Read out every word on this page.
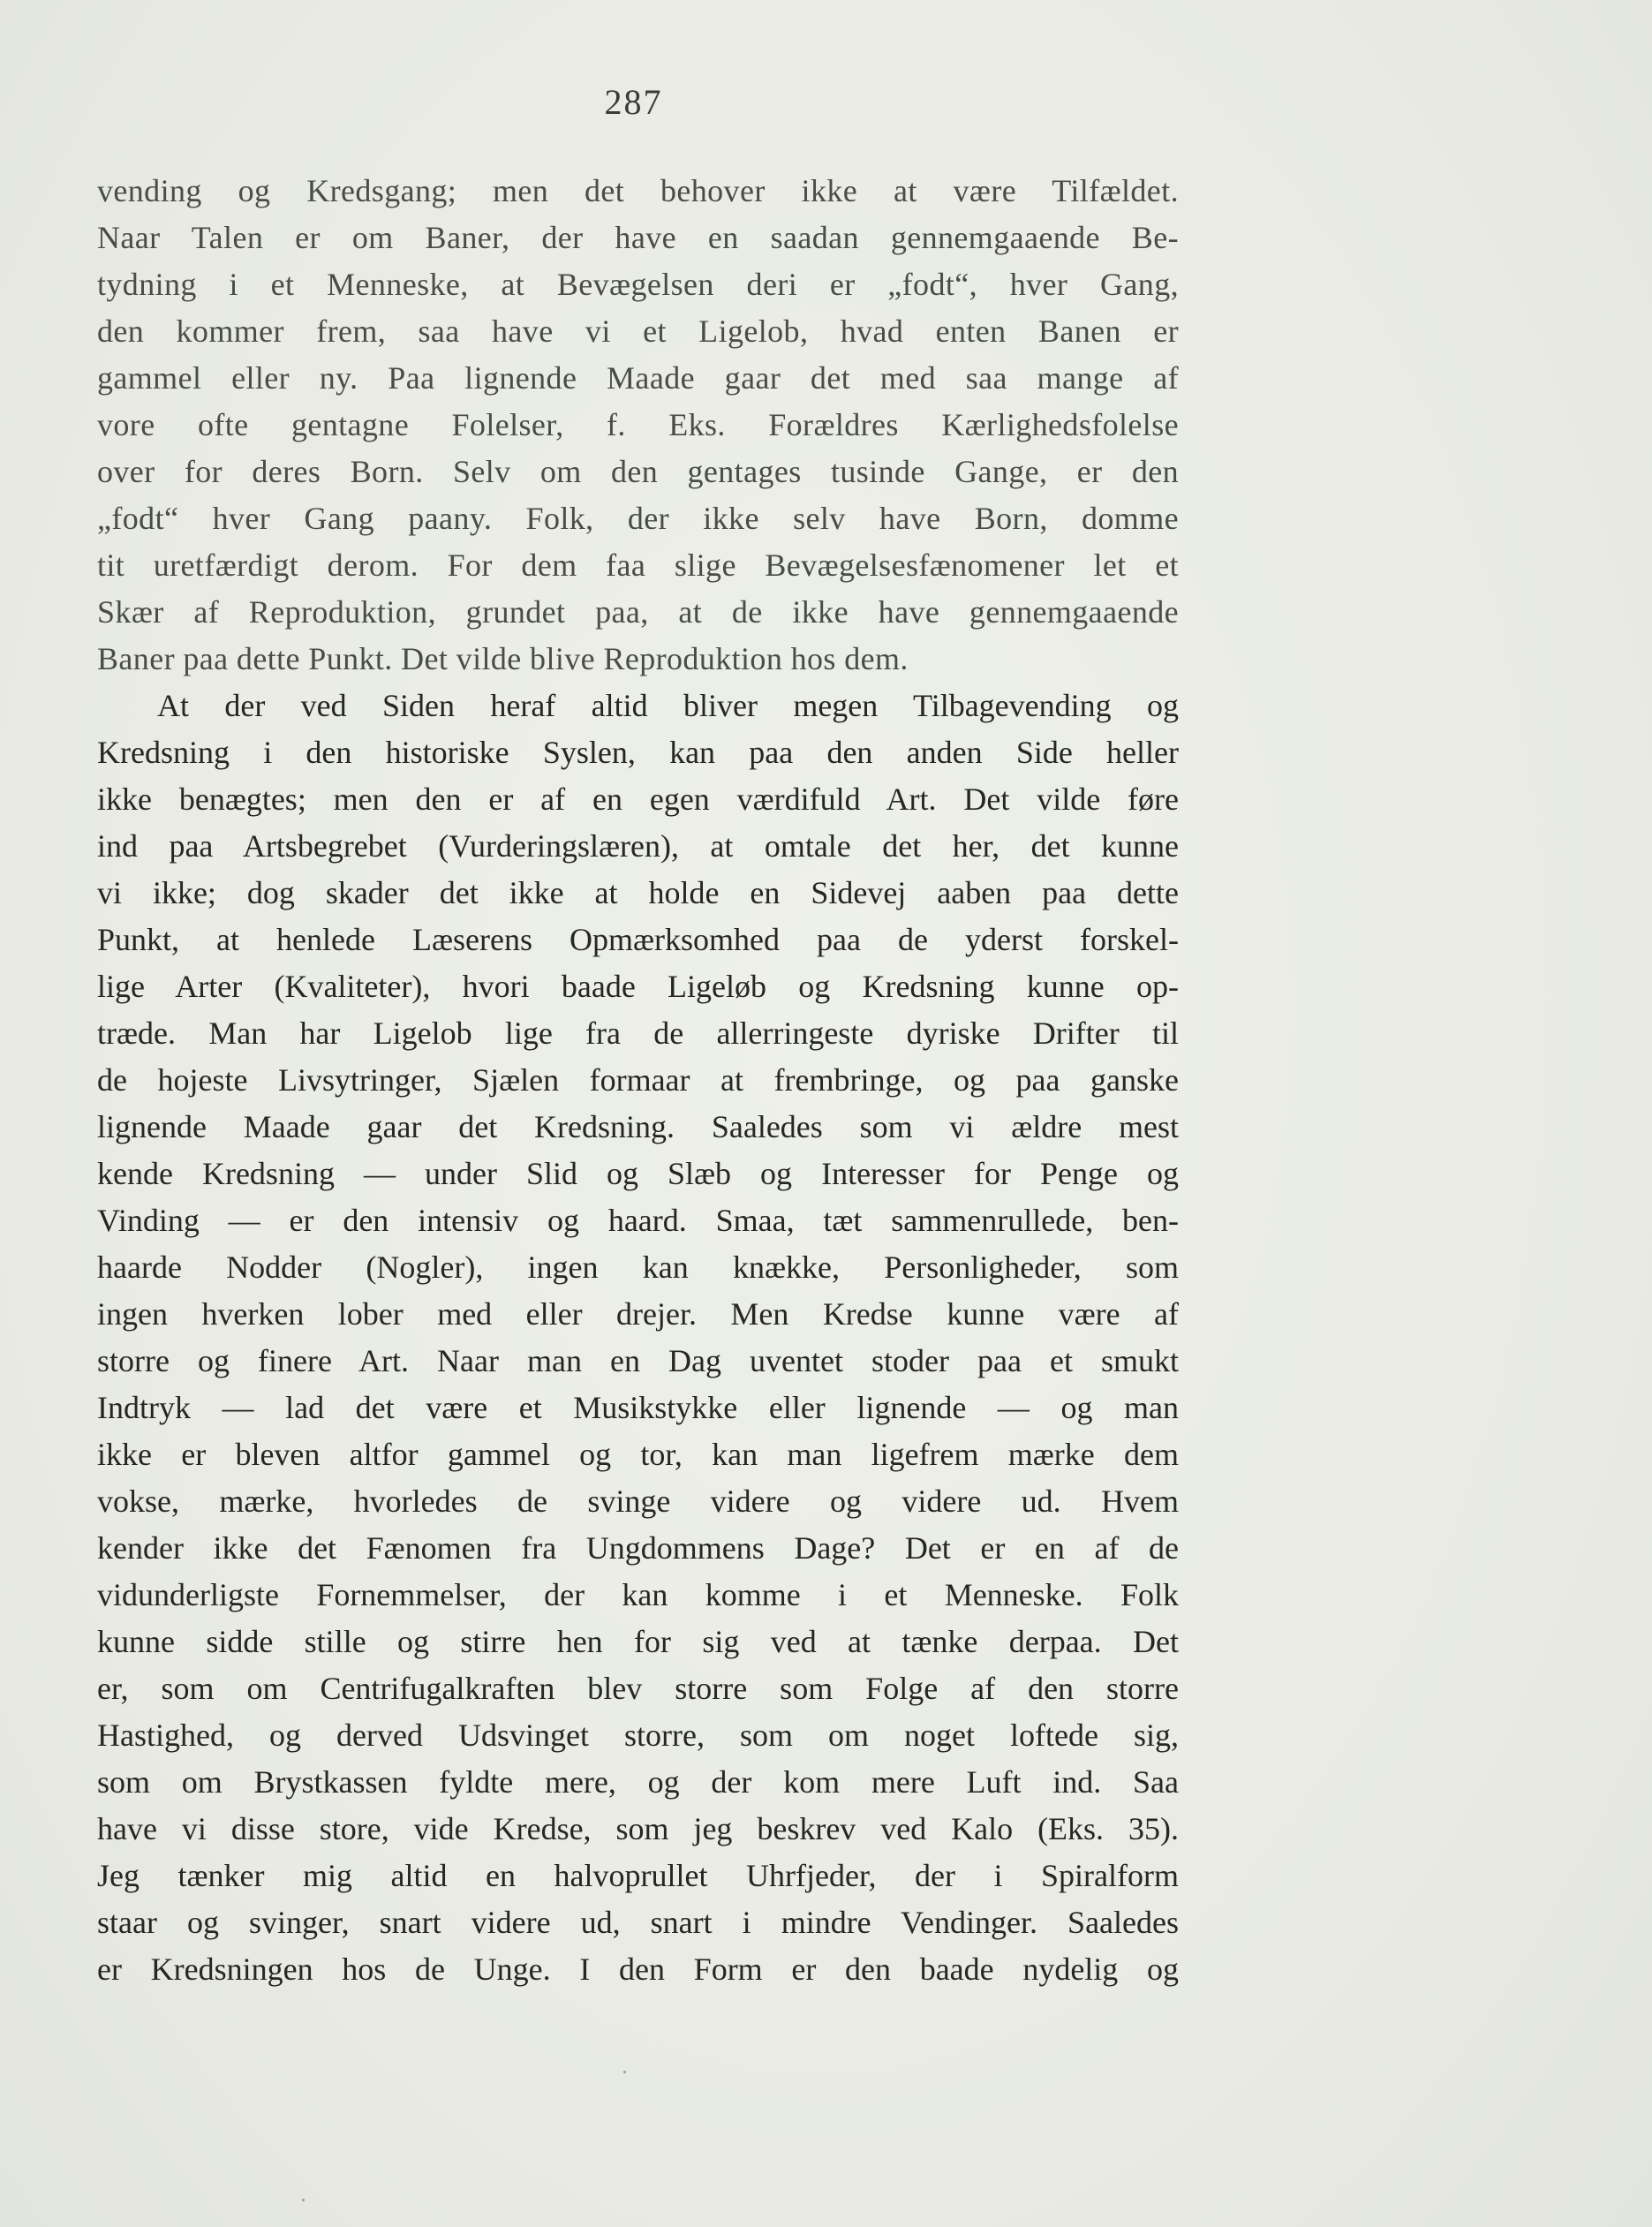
287
vending og Kredsgang; men det behover ikke at være Tilfældet.
Naar Talen er om Baner, der have en saadan gennemgaaende Be-
tydning i et Menneske, at Bevægelsen deri er „fodt“, hver Gang,
den kommer frem, saa have vi et Ligelob, hvad enten Banen er
gammel eller ny. Paa lignende Maade gaar det med saa mange af
vore ofte gentagne Folelser, f. Eks. Forældres Kærlighedsfolelse
over for deres Born. Selv om den gentages tusinde Gange, er den
„fodt“ hver Gang paany. Folk, der ikke selv have Born, domme
tit uretfærdigt derom. For dem faa slige Bevægelsesfænomener let et
Skær af Reproduktion, grundet paa, at de ikke have gennemgaaende
Baner paa dette Punkt. Det vilde blive Reproduktion hos dem.
At der ved Siden heraf altid bliver megen Tilbagevending og
Kredsning i den historiske Syslen, kan paa den anden Side heller
ikke benægtes; men den er af en egen værdifuld Art. Det vilde føre
ind paa Artsbegrebet (Vurderingslæren), at omtale det her, det kunne
vi ikke; dog skader det ikke at holde en Sidevej aaben paa dette
Punkt, at henlede Læserens Opmærksomhed paa de yderst forskel-
lige Arter (Kvaliteter), hvori baade Ligeløb og Kredsning kunne op-
træde. Man har Ligelob lige fra de allerringeste dyriske Drifter til
de hojeste Livsytringer, Sjælen formaar at frembringe, og paa ganske
lignende Maade gaar det Kredsning. Saaledes som vi ældre mest
kende Kredsning — under Slid og Slæb og Interesser for Penge og
Vinding — er den intensiv og haard. Smaa, tæt sammenrullede, ben-
haarde Nodder (Nogler), ingen kan knække, Personligheder, som
ingen hverken lober med eller drejer. Men Kredse kunne være af
storre og finere Art. Naar man en Dag uventet stoder paa et smukt
Indtryk — lad det være et Musikstykke eller lignende — og man
ikke er bleven altfor gammel og tor, kan man ligefrem mærke dem
vokse, mærke, hvorledes de svinge videre og videre ud. Hvem
kender ikke det Fænomen fra Ungdommens Dage? Det er en af de
vidunderligste Fornemmelser, der kan komme i et Menneske. Folk
kunne sidde stille og stirre hen for sig ved at tænke derpaa. Det
er, som om Centrifugalkraften blev storre som Folge af den storre
Hastighed, og derved Udsvinget storre, som om noget loftede sig,
som om Brystkassen fyldte mere, og der kom mere Luft ind. Saa
have vi disse store, vide Kredse, som jeg beskrev ved Kalo (Eks. 35).
Jeg tænker mig altid en halvoprullet Uhrfjeder, der i Spiralform
staar og svinger, snart videre ud, snart i mindre Vendinger. Saaledes
er Kredsningen hos de Unge. I den Form er den baade nydelig og
